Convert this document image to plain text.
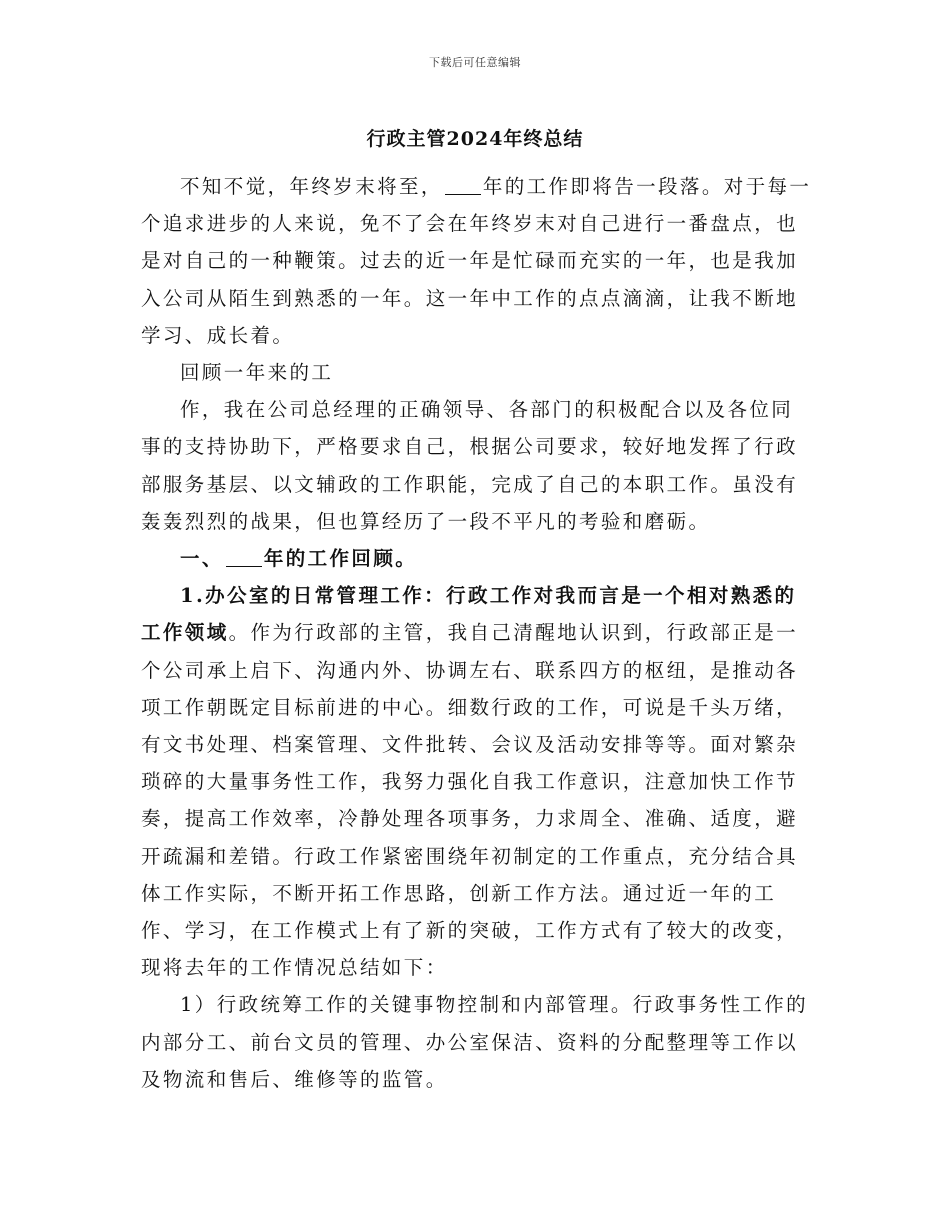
下载后可任意编辑
行政主管2024年终总结

不知不觉，年终岁末将至， 年的工作即将告一段落。对于每一个追求进步的人来说，免不了会在年终岁末对自己进行一番盘点，也是对自己的一种鞭策。过去的近一年是忙碌而充实的一年，也是我加入公司从陌生到熟悉的一年。这一年中工作的点点滴滴，让我不断地学习、成长着。

回顾一年来的工

作，我在公司总经理的正确领导、各部门的积极配合以及各位同事的支持协助下，严格要求自己，根据公司要求，较好地发挥了行政部服务基层、以文辅政的工作职能，完成了自己的本职工作。虽没有轰轰烈烈的战果，但也算经历了一段不平凡的考验和磨砺。

一、 年的工作回顾。

1.办公室的日常管理工作：行政工作对我而言是一个相对熟悉的工作领域。作为行政部的主管，我自己清醒地认识到，行政部正是一个公司承上启下、沟通内外、协调左右、联系四方的枢纽，是推动各项工作朝既定目标前进的中心。细数行政的工作，可说是千头万绪，有文书处理、档案管理、文件批转、会议及活动安排等等。面对繁杂琐碎的大量事务性工作，我努力强化自我工作意识，注意加快工作节奏，提高工作效率，冷静处理各项事务，力求周全、准确、适度，避开疏漏和差错。行政工作紧密围绕年初制定的工作重点，充分结合具体工作实际，不断开拓工作思路，创新工作方法。通过近一年的工作、学习，在工作模式上有了新的突破，工作方式有了较大的改变，现将去年的工作情况总结如下：

1）行政统筹工作的关键事物控制和内部管理。行政事务性工作的内部分工、前台文员的管理、办公室保洁、资料的分配整理等工作以及物流和售后、维修等的监管。
